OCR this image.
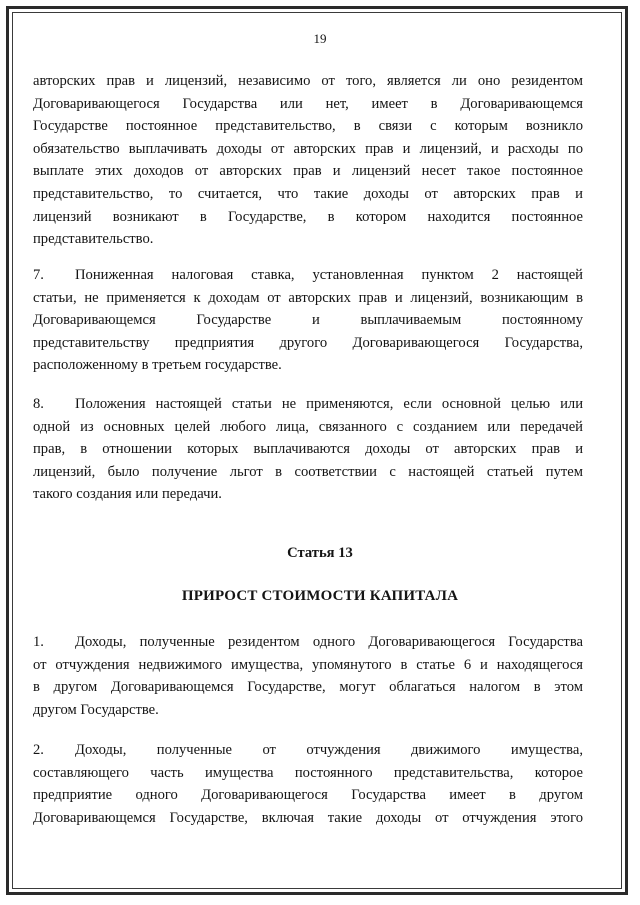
19
авторских прав и лицензий, независимо от того, является ли оно резидентом
Договаривающегося Государства или нет, имеет в Договаривающемся
Государстве постоянное представительство, в связи с которым возникло
обязательство выплачивать доходы от авторских прав и лицензий, и расходы по
выплате этих доходов от авторских прав и лицензий несет такое постоянное
представительство, то считается, что такие доходы от авторских прав и
лицензий возникают в Государстве, в котором находится постоянное
представительство.
7. Пониженная налоговая ставка, установленная пунктом 2 настоящей
статьи, не применяется к доходам от авторских прав и лицензий, возникающим в
Договаривающемся Государстве и выплачиваемым постоянному
представительству предприятия другого Договаривающегося Государства,
расположенному в третьем государстве.
8. Положения настоящей статьи не применяются, если основной целью или
одной из основных целей любого лица, связанного с созданием или передачей
прав, в отношении которых выплачиваются доходы от авторских прав и
лицензий, было получение льгот в соответствии с настоящей статьей путем
такого создания или передачи.
Статья 13
ПРИРОСТ СТОИМОСТИ КАПИТАЛА
1. Доходы, полученные резидентом одного Договаривающегося Государства
от отчуждения недвижимого имущества, упомянутого в статье 6 и находящегося
в другом Договаривающемся Государстве, могут облагаться налогом в этом
другом Государстве.
2. Доходы, полученные от отчуждения движимого имущества,
составляющего часть имущества постоянного представительства, которое
предприятие одного Договаривающегося Государства имеет в другом
Договаривающемся Государстве, включая такие доходы от отчуждения этого
